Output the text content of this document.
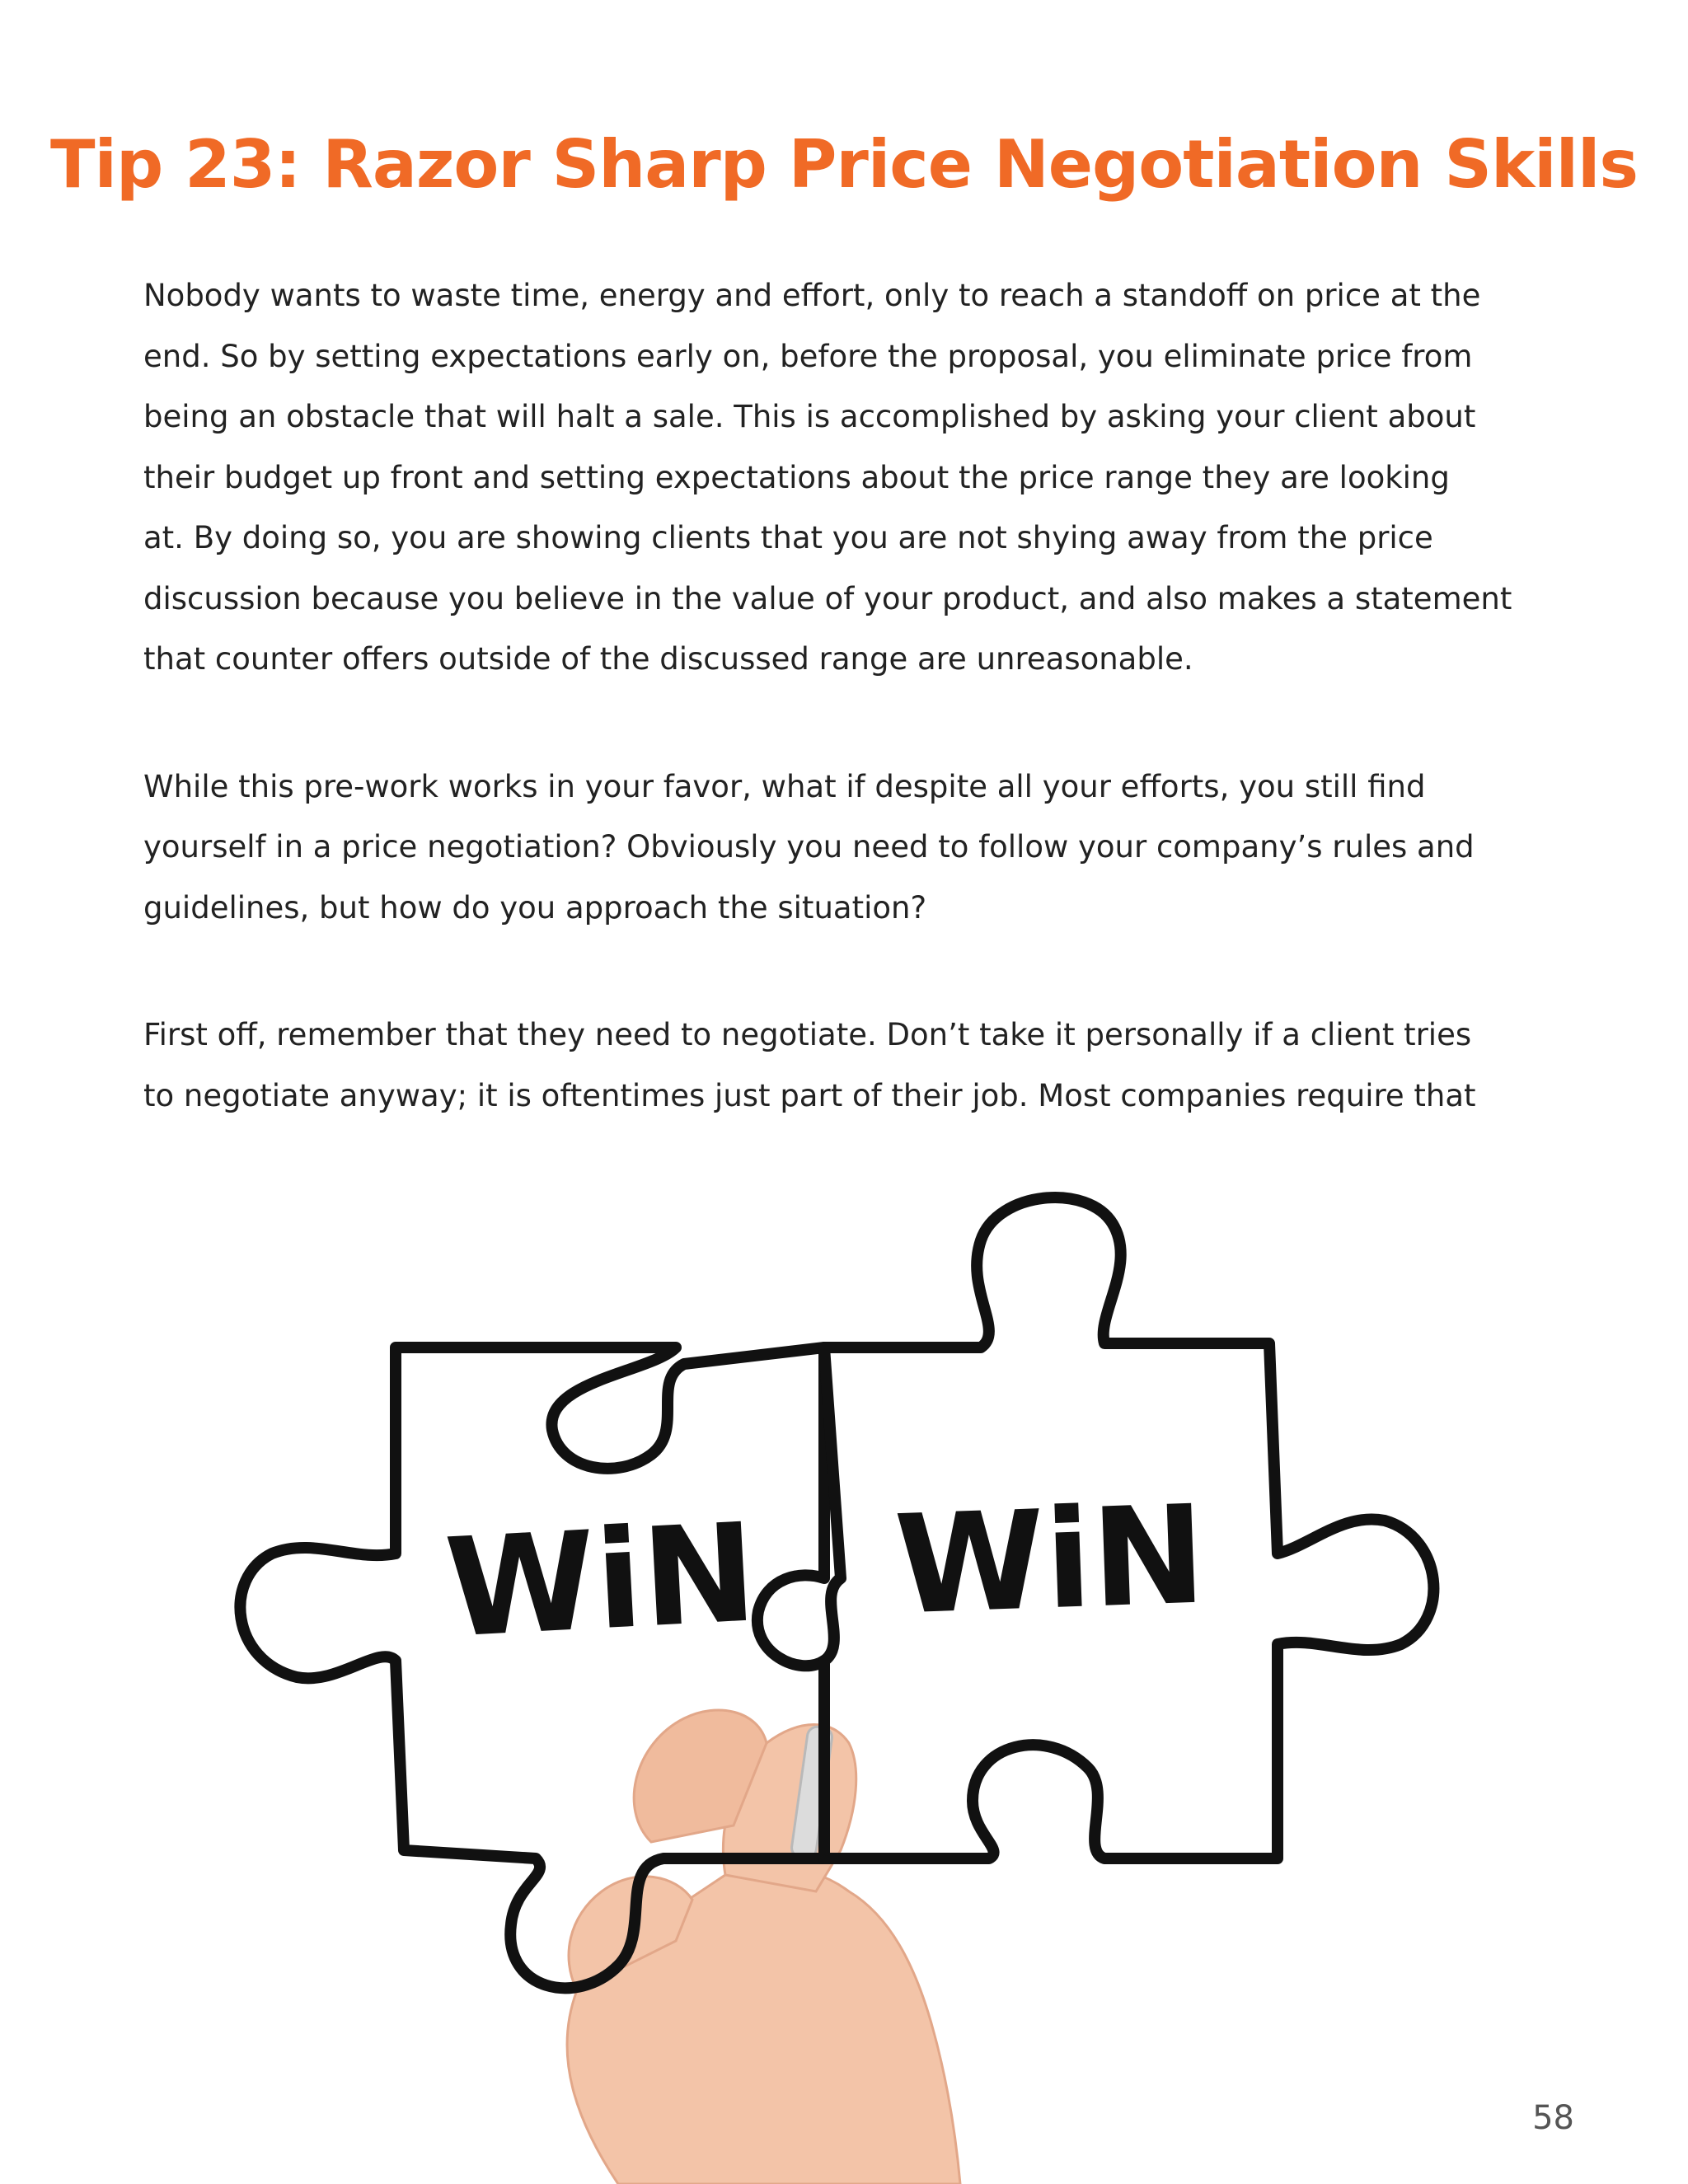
Tip 23: Razor Sharp Price Negotiation Skills

Nobody wants to waste time, energy and effort, only to reach a standoff on price at the
end. So by setting expectations early on, before the proposal, you eliminate price from
being an obstacle that will halt a sale. This is accomplished by asking your client about
their budget up front and setting expectations about the price range they are looking
at. By doing so, you are showing clients that you are not shying away from the price
discussion because you believe in the value of your product, and also makes a statement
that counter offers outside of the discussed range are unreasonable.

While this pre-work works in your favor, what if despite all your efforts, you still find
yourself in a price negotiation? Obviously you need to follow your company’s rules and
guidelines, but how do you approach the situation?

First off, remember that they need to negotiate. Don’t take it personally if a client tries
to negotiate anyway; it is oftentimes just part of their job. Most companies require that

WiN WiN
58
